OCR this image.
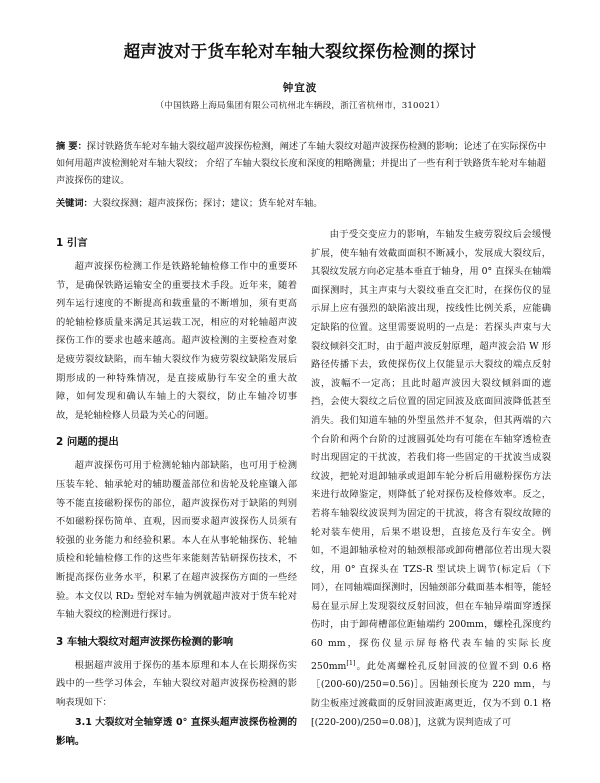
超声波对于货车轮对车轴大裂纹探伤检测的探讨
钟宜波
（中国铁路上海局集团有限公司杭州北车辆段，浙江省杭州市，310021）
摘 要：探讨铁路货车轮对车轴大裂纹超声波探伤检测，阐述了车轴大裂纹对超声波探伤检测的影响；论述了在实际探伤中如何用超声波检测轮对车轴大裂纹； 介绍了车轴大裂纹长度和深度的粗略测量；并提出了一些有利于铁路货车轮对车轴超声波探伤的建议。
关键词：大裂纹探测；超声波探伤；探讨；建议；货车轮对车轴。
1 引言

超声波探伤检测工作是铁路轮轴检修工作中的重要环节，是确保铁路运输安全的重要技术手段。近年来，随着列车运行速度的不断提高和载重量的不断增加，须有更高的轮轴检修质量来满足其运载工况，相应的对轮轴超声波探伤工作的要求也越来越高。超声波检测的主要检查对象是疲劳裂纹缺陷，而车轴大裂纹作为疲劳裂纹缺陷发展后期形成的一种特殊情况，是直接威胁行车安全的重大故障，如何发现和确认车轴上的大裂纹，防止车轴冷切事故，是轮轴检修人员最为关心的问题。

2 问题的提出

超声波探伤可用于检测轮轴内部缺陷，也可用于检测压装车轮、轴承轮对的辅助覆盖部位和齿轮及轮座镶入部等不能直接磁粉探伤的部位，超声波探伤对于缺陷的判别不如磁粉探伤简单、直观，因而要求超声波探伤人员须有较强的业务能力和经验积累。本人在从事轮轴探伤、轮轴质检和轮轴检修工作的这些年来能刻苦钻研探伤技术，不断提高探伤业务水平，积累了在超声波探伤方面的一些经验。本文仅以 RD₂ 型轮对车轴为例就超声波对于货车轮对车轴大裂纹的检测进行探讨。

3 车轴大裂纹对超声波探伤检测的影响

根据超声波用于探伤的基本原理和本人在长期探伤实践中的一些学习体会，车轴大裂纹对超声波探伤检测的影响表现如下：

3.1 大裂纹对全轴穿透 0° 直探头超声波探伤检测的影响。

由于受交变应力的影响，车轴发生疲劳裂纹后会缓慢扩展，使车轴有效截面面积不断减小，发展成大裂纹后，其裂纹发展方向必定基本垂直于轴身，用 0° 直探头在轴端面探测时，其主声束与大裂纹垂直交汇时，在探伤仪的显示屏上应有强烈的缺陷波出现，按线性比例关系，应能确定缺陷的位置。这里需要说明的一点是：若探头声束与大裂纹倾斜交汇时，由于超声波反射原理，超声波会沿 W 形路径传播下去，致使探伤仪上仅能显示大裂纹的端点反射波，波幅不一定高；且此时超声波因大裂纹倾斜面的遮挡，会使大裂纹之后位置的固定回波及底面回波降低甚至消失。我们知道车轴的外型虽然并不复杂，但其两端的六个台阶和两个台阶的过渡圆弧处均有可能在车轴穿透检查时出现固定的干扰波，若我们将一些固定的干扰波当成裂纹波，把轮对退卸轴承或退卸车轮分析后用磁粉探伤方法来进行故障鉴定，则降低了轮对探伤及检修效率。反之，若将车轴裂纹波误判为固定的干扰波，将含有裂纹故障的轮对装车使用，后果不堪设想，直接危及行车安全。例如，不退卸轴承检对的轴颈根部或卸荷槽部位若出现大裂纹，用 0° 直探头在 TZS-R 型试块上调节(标定后（下同），在同轴端面探测时，因轴颈部分截面基本相等，能轻易在显示屏上发现裂纹反射回波，但在车轴异端面穿透探伤时，由于卸荷槽部位距轴端约 200mm，螺栓孔深度约 60 mm，探伤仪显示屏每格代表车轴的实际长度 250mm[1]。此处离螺栓孔反射回波的位置不到 0.6 格［(200-60)/250=0.56)］。因轴颈长度为 220 mm，与防尘板座过渡截面的反射回波距离更近，仅为不到 0.1 格[(220-200)/250=0.08）]，这就为误判造成了可
